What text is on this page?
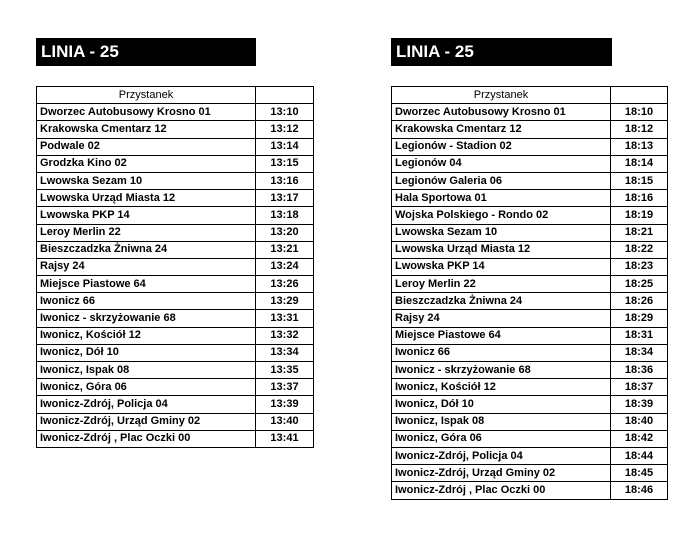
LINIA - 25
Przystanek	
Dworzec Autobusowy Krosno 01	13:10
Krakowska Cmentarz 12	13:12
Podwale 02	13:14
Grodzka Kino 02	13:15
Lwowska Sezam 10	13:16
Lwowska Urząd Miasta 12	13:17
Lwowska PKP 14	13:18
Leroy Merlin 22	13:20
Bieszczadzka Żniwna 24	13:21
Rajsy 24	13:24
Miejsce Piastowe 64	13:26
Iwonicz 66	13:29
Iwonicz - skrzyżowanie 68	13:31
Iwonicz, Kościół 12	13:32
Iwonicz, Dół 10	13:34
Iwonicz, Ispak 08	13:35
Iwonicz, Góra 06	13:37
Iwonicz-Zdrój, Policja 04	13:39
Iwonicz-Zdrój, Urząd Gminy 02	13:40
Iwonicz-Zdrój , Plac Oczki 00	13:41
LINIA - 25
Przystanek	
Dworzec Autobusowy Krosno 01	18:10
Krakowska Cmentarz 12	18:12
Legionów - Stadion 02	18:13
Legionów 04	18:14
Legionów Galeria 06	18:15
Hala Sportowa 01	18:16
Wojska Polskiego - Rondo 02	18:19
Lwowska Sezam 10	18:21
Lwowska Urząd Miasta 12	18:22
Lwowska PKP 14	18:23
Leroy Merlin 22	18:25
Bieszczadzka Żniwna 24	18:26
Rajsy 24	18:29
Miejsce Piastowe 64	18:31
Iwonicz 66	18:34
Iwonicz - skrzyżowanie 68	18:36
Iwonicz, Kościół 12	18:37
Iwonicz, Dół 10	18:39
Iwonicz, Ispak 08	18:40
Iwonicz, Góra 06	18:42
Iwonicz-Zdrój, Policja 04	18:44
Iwonicz-Zdrój, Urząd Gminy 02	18:45
Iwonicz-Zdrój , Plac Oczki 00	18:46
